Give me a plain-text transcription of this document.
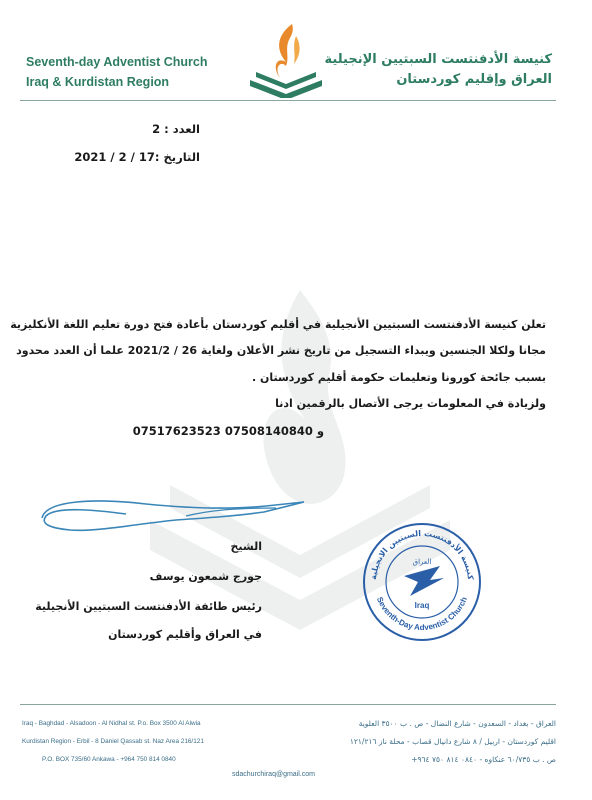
Seventh-day Adventist Church
Iraq & Kurdistan Region
كنيسة الأدفنتست السبتيين الإنجيلية
العراق وإقليم كوردستان
العدد : 2
التاريخ :17 / 2 / 2021
تعلن كنيسة الأدفنتست السبتيين الأنجيلية في أقليم كوردستان بأعادة فتح دورة تعليم اللغة الأنكليزية
مجانا ولكلا الجنسين ويبداء التسجيل من تاريخ نشر الأعلان ولغاية 26 / 2021/2 علما أن العدد محدود
بسبب جائحة كورونا وتعليمات حكومة أقليم كوردستان .
ولزيادة في المعلومات يرجى الأتصال بالرقمين ادنا
07517623523 و 07508140840
الشيخ
جورج شمعون يوسف
رئيس طائفة الأدفنتست السبتيين الأنجيلية
في العراق وأقليم كوردستان
كنيسة الأدفنتست السبتيين الانجيلية
Seventh-Day Adventist Church
العراق
Iraq
Iraq - Baghdad - Alsadoon - Al Nidhal st. P.o. Box 3500 Al Alwia
Kurdistan Region - Erbil - 8 Daniel Qassab st. Naz Area 216/121
P.O. BOX 735/60 Ankawa - +964 750 814 0840
العراق - بغداد - السعدون - شارع النضال - ص . ب ٣٥٠٠ العلوية
اقليم كوردستان - اربيل / ٨ شارع دانيال قصاب - محلة ناز ١٢١/٢١٦
ص . ب ٦٠/٧٣٥ عنكاوه - ٠٨٤٠ ٨١٤ ٧٥٠ ٩٦٤+
sdachurchiraq@gmail.com
